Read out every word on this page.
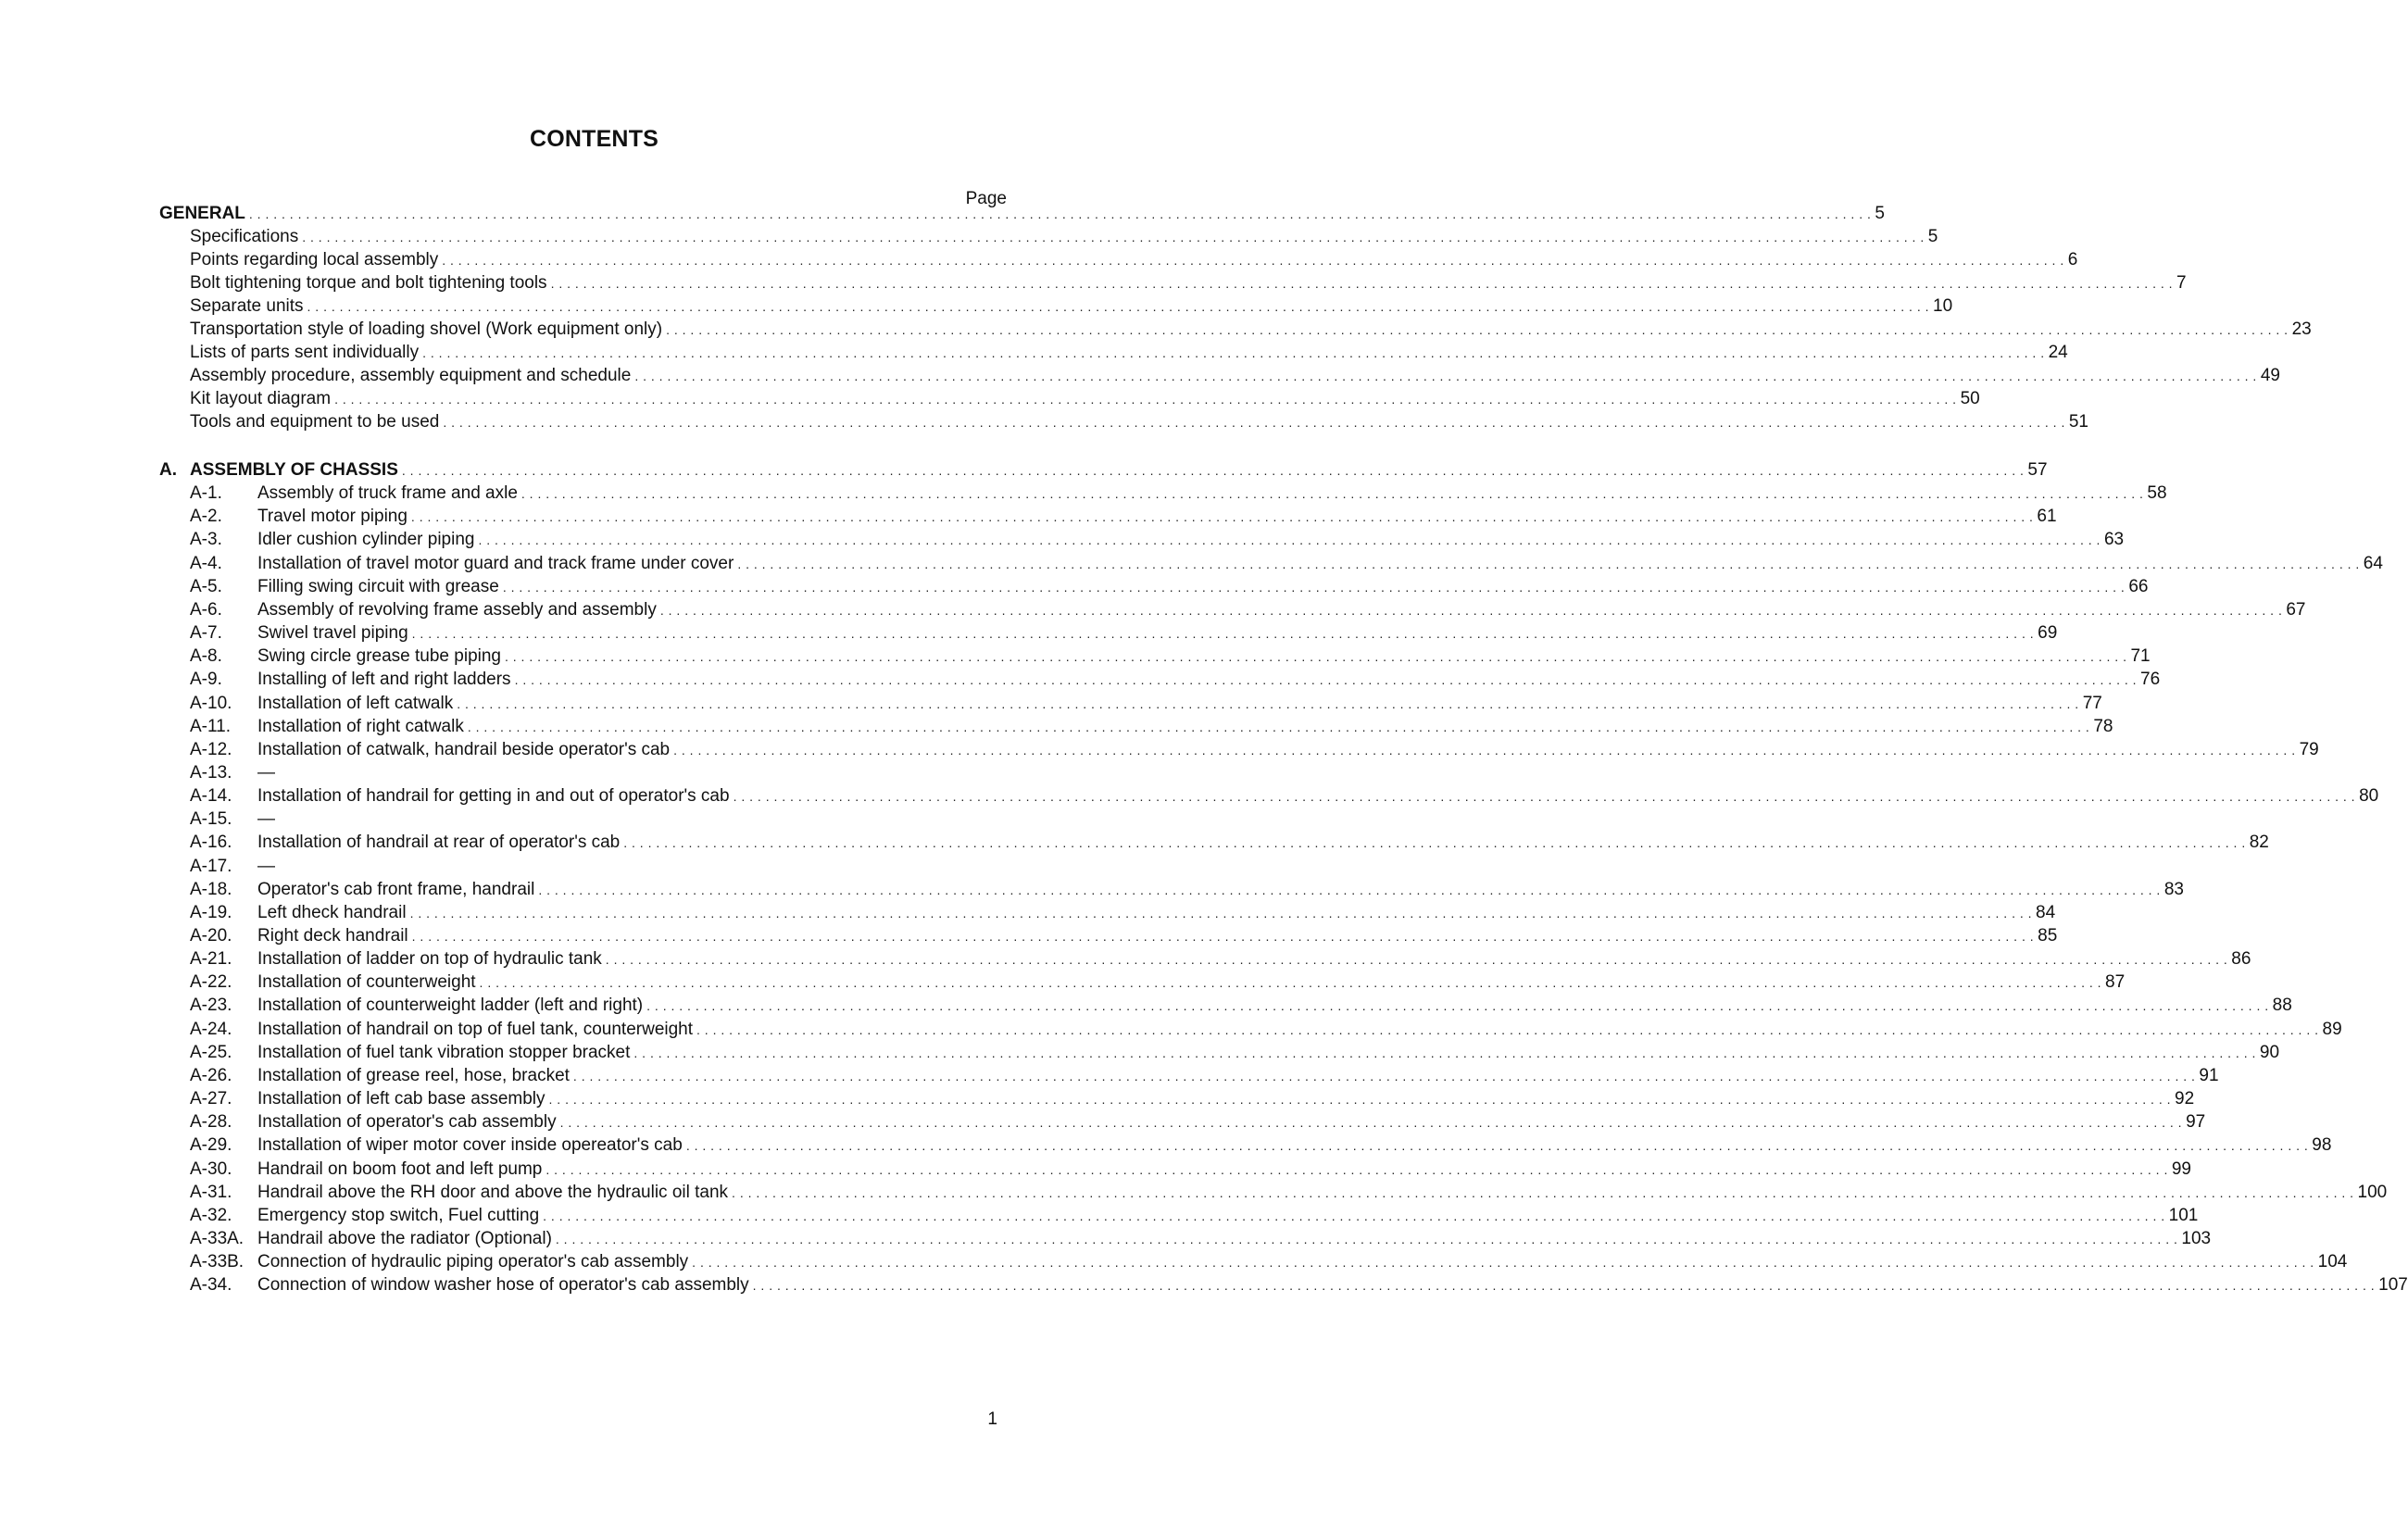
CONTENTS
Page
GENERAL . . . . . . . . . . . . . . . . . . . . . . . . . . . . . . . . . . . . . . . . . . . . . . . . . . . . . . . . . . . . . . . . . . . . . . . . . . . . . . . . . . . . . . . . . . . . . . . . . . . . . . . . . . . . . . . . . . . . . . . . . . . . . . . . . . . . . . . . . . . . . . . . . . . . . . . . . . . . . . . . . . . . . . . . . . . . . . . . . . . . . . . . . . . . . . . . . . . . . . . . 5
Specifications . . . . . . . . . . . . . . . . . . . . . . . . . . . . . . . . . . . . . . . . . . . . . . . . . . . . . . . . . . . . . . . . . . . . . . . . . . . . . . . . . . . . . . . . . . . . . . . . . . . . . . . . . . . . . . . . . . . . . . . . . . . . . . . . . . . . . . . . . . . . . . . . . . . . . . . . . . . . . . . . . . . . . . . . . . . . . . . . . . . . . . . . . . . . . . . . . . . . . . . . 5
Points regarding local assembly . . . . . . . . . . . . . . . . . . . . . . . . . . . . . . . . . . . . . . . . . . . . . . . . . . . . . . . . . . . . . . . . . . . . . . . . . . . . . . . . . . . . . . . . . . . . . . . . . . . . . . . . . . . . . . . . . . . . . . . . . . . . . . . . . . . . . . . . . . . . . . . . . . . . . . . . . . . . . . . . . . . . . . . . . . . . . . . . . . . . . . . . . . . . . . . . . . . . . . . . 6
Bolt tightening torque and bolt tightening tools . . . . . . . . . . . . . . . . . . . . . . . . . . . . . . . . . . . . . . . . . . . . . . . . . . . . . . . . . . . . . . . . . . . . . . . . . . . . . . . . . . . . . . . . . . . . . . . . . . . . . . . . . . . . . . . . . . . . . . . . . . . . . . . . . . . . . . . . . . . . . . . . . . . . . . . . . . . . . . . . . . . . . . . . . . . . . . . . . . . . . . . . . . . . . . . . . . . . . . . . 7
Separate units . . . . . . . . . . . . . . . . . . . . . . . . . . . . . . . . . . . . . . . . . . . . . . . . . . . . . . . . . . . . . . . . . . . . . . . . . . . . . . . . . . . . . . . . . . . . . . . . . . . . . . . . . . . . . . . . . . . . . . . . . . . . . . . . . . . . . . . . . . . . . . . . . . . . . . . . . . . . . . . . . . . . . . . . . . . . . . . . . . . . . . . . . . . . . . . . . . . . . . . . 10
Transportation style of loading shovel (Work equipment only) . . . . . . . . . . . . . . . . . . . . . . . . . . . . . . . . . . . . . . . . . . . . . . . . . . . . . . . . . . . . . . . . . . . . . . . . . . . . . . . . . . . . . . . . . . . . . . . . . . . . . . . . . . . . . . . . . . . . . . . . . . . . . . . . . . . . . . . . . . . . . . . . . . . . . . . . . . . . . . . . . . . . . . . . . . . . . . . . . . . . . . . . . . . . . . . . . . . . . . . . 23
Lists of parts sent individually . . . . . . . . . . . . . . . . . . . . . . . . . . . . . . . . . . . . . . . . . . . . . . . . . . . . . . . . . . . . . . . . . . . . . . . . . . . . . . . . . . . . . . . . . . . . . . . . . . . . . . . . . . . . . . . . . . . . . . . . . . . . . . . . . . . . . . . . . . . . . . . . . . . . . . . . . . . . . . . . . . . . . . . . . . . . . . . . . . . . . . . . . . . . . . . . . . . . . . . . 24
Assembly procedure, assembly equipment and schedule . . . . . . . . . . . . . . . . . . . . . . . . . . . . . . . . . . . . . . . . . . . . . . . . . . . . . . . . . . . . . . . . . . . . . . . . . . . . . . . . . . . . . . . . . . . . . . . . . . . . . . . . . . . . . . . . . . . . . . . . . . . . . . . . . . . . . . . . . . . . . . . . . . . . . . . . . . . . . . . . . . . . . . . . . . . . . . . . . . . . . . . . . . . . . . . . . . . . . . . . 49
Kit layout diagram . . . . . . . . . . . . . . . . . . . . . . . . . . . . . . . . . . . . . . . . . . . . . . . . . . . . . . . . . . . . . . . . . . . . . . . . . . . . . . . . . . . . . . . . . . . . . . . . . . . . . . . . . . . . . . . . . . . . . . . . . . . . . . . . . . . . . . . . . . . . . . . . . . . . . . . . . . . . . . . . . . . . . . . . . . . . . . . . . . . . . . . . . . . . . . . . . . . . . . . . 50
Tools and equipment to be used . . . . . . . . . . . . . . . . . . . . . . . . . . . . . . . . . . . . . . . . . . . . . . . . . . . . . . . . . . . . . . . . . . . . . . . . . . . . . . . . . . . . . . . . . . . . . . . . . . . . . . . . . . . . . . . . . . . . . . . . . . . . . . . . . . . . . . . . . . . . . . . . . . . . . . . . . . . . . . . . . . . . . . . . . . . . . . . . . . . . . . . . . . . . . . . . . . . . . . . . 51
A. ASSEMBLY OF CHASSIS . . . . . . . . . . . . . . . . . . . . . . . . . . . . . . . . . . . . . . . . . . . . . . . . . . . . . . . . . . . . . . . . . . . . . . . . . . . . . . . . . . . . . . . . . . . . . . . . . . . . . . . . . . . . . . . . . . . . . . . . . . . . . . . . . . . . . . . . . . . . . . . . . . . . . . . . . . . . . . . . . . . . . . . . . . . . . . . . . . . . . . . . . . . . . . . . . . . . . . . . 57
A-1. Assembly of truck frame and axle . . . . . . . . . . . . . . . . . . . . . . . . . . . . . . . . . . . . . . . . . . . . . . . . . . . . . . . . . . . . . . . . . . . . . . . . . . . . . . . . . . . . . . . . . . . . . . . . . . . . . . . . . . . . . . . . . . . . . . . . . . . . . . . . . . . . . . . . . . . . . . . . . . . . . . . . . . . . . . . . . . . . . . . . . . . . . . . . . . . . . . . . . . . . . . . . . . . . . . . . 58
A-2. Travel motor piping . . . . . . . . . . . . . . . . . . . . . . . . . . . . . . . . . . . . . . . . . . . . . . . . . . . . . . . . . . . . . . . . . . . . . . . . . . . . . . . . . . . . . . . . . . . . . . . . . . . . . . . . . . . . . . . . . . . . . . . . . . . . . . . . . . . . . . . . . . . . . . . . . . . . . . . . . . . . . . . . . . . . . . . . . . . . . . . . . . . . . . . . . . . . . . . . . . . . . . . . 61
A-3. Idler cushion cylinder piping . . . . . . . . . . . . . . . . . . . . . . . . . . . . . . . . . . . . . . . . . . . . . . . . . . . . . . . . . . . . . . . . . . . . . . . . . . . . . . . . . . . . . . . . . . . . . . . . . . . . . . . . . . . . . . . . . . . . . . . . . . . . . . . . . . . . . . . . . . . . . . . . . . . . . . . . . . . . . . . . . . . . . . . . . . . . . . . . . . . . . . . . . . . . . . . . . . . . . . . . 63
A-4. Installation of travel motor guard and track frame under cover . . . . . . . . . . . . . . . . . . . . . . . . . . . . . . . . . . . . . . . . . . . . . . . . . . . . . . . . . . . . . . . . . . . . . . . . . . . . . . . . . . . . . . . . . . . . . . . . . . . . . . . . . . . . . . . . . . . . . . . . . . . . . . . . . . . . . . . . . . . . . . . . . . . . . . . . . . . . . . . . . . . . . . . . . . . . . . . . . . . . . . . . . . . . . . . . . . . . . . . . 64
A-5. Filling swing circuit with grease . . . . . . . . . . . . . . . . . . . . . . . . . . . . . . . . . . . . . . . . . . . . . . . . . . . . . . . . . . . . . . . . . . . . . . . . . . . . . . . . . . . . . . . . . . . . . . . . . . . . . . . . . . . . . . . . . . . . . . . . . . . . . . . . . . . . . . . . . . . . . . . . . . . . . . . . . . . . . . . . . . . . . . . . . . . . . . . . . . . . . . . . . . . . . . . . . . . . . . . . 66
A-6. Assembly of revolving frame assebly and assembly . . . . . . . . . . . . . . . . . . . . . . . . . . . . . . . . . . . . . . . . . . . . . . . . . . . . . . . . . . . . . . . . . . . . . . . . . . . . . . . . . . . . . . . . . . . . . . . . . . . . . . . . . . . . . . . . . . . . . . . . . . . . . . . . . . . . . . . . . . . . . . . . . . . . . . . . . . . . . . . . . . . . . . . . . . . . . . . . . . . . . . . . . . . . . . . . . . . . . . . . 67
A-7. Swivel travel piping . . . . . . . . . . . . . . . . . . . . . . . . . . . . . . . . . . . . . . . . . . . . . . . . . . . . . . . . . . . . . . . . . . . . . . . . . . . . . . . . . . . . . . . . . . . . . . . . . . . . . . . . . . . . . . . . . . . . . . . . . . . . . . . . . . . . . . . . . . . . . . . . . . . . . . . . . . . . . . . . . . . . . . . . . . . . . . . . . . . . . . . . . . . . . . . . . . . . . . . . 69
A-8. Swing circle grease tube piping . . . . . . . . . . . . . . . . . . . . . . . . . . . . . . . . . . . . . . . . . . . . . . . . . . . . . . . . . . . . . . . . . . . . . . . . . . . . . . . . . . . . . . . . . . . . . . . . . . . . . . . . . . . . . . . . . . . . . . . . . . . . . . . . . . . . . . . . . . . . . . . . . . . . . . . . . . . . . . . . . . . . . . . . . . . . . . . . . . . . . . . . . . . . . . . . . . . . . . . . 71
A-9. Installing of left and right ladders . . . . . . . . . . . . . . . . . . . . . . . . . . . . . . . . . . . . . . . . . . . . . . . . . . . . . . . . . . . . . . . . . . . . . . . . . . . . . . . . . . . . . . . . . . . . . . . . . . . . . . . . . . . . . . . . . . . . . . . . . . . . . . . . . . . . . . . . . . . . . . . . . . . . . . . . . . . . . . . . . . . . . . . . . . . . . . . . . . . . . . . . . . . . . . . . . . . . . . . . 76
A-10. Installation of left catwalk . . . . . . . . . . . . . . . . . . . . . . . . . . . . . . . . . . . . . . . . . . . . . . . . . . . . . . . . . . . . . . . . . . . . . . . . . . . . . . . . . . . . . . . . . . . . . . . . . . . . . . . . . . . . . . . . . . . . . . . . . . . . . . . . . . . . . . . . . . . . . . . . . . . . . . . . . . . . . . . . . . . . . . . . . . . . . . . . . . . . . . . . . . . . . . . . . . . . . . . . 77
A-11. Installation of right catwalk . . . . . . . . . . . . . . . . . . . . . . . . . . . . . . . . . . . . . . . . . . . . . . . . . . . . . . . . . . . . . . . . . . . . . . . . . . . . . . . . . . . . . . . . . . . . . . . . . . . . . . . . . . . . . . . . . . . . . . . . . . . . . . . . . . . . . . . . . . . . . . . . . . . . . . . . . . . . . . . . . . . . . . . . . . . . . . . . . . . . . . . . . . . . . . . . . . . . . . . . 78
A-12. Installation of catwalk, handrail beside operator's cab . . . . . . . . . . . . . . . . . . . . . . . . . . . . . . . . . . . . . . . . . . . . . . . . . . . . . . . . . . . . . . . . . . . . . . . . . . . . . . . . . . . . . . . . . . . . . . . . . . . . . . . . . . . . . . . . . . . . . . . . . . . . . . . . . . . . . . . . . . . . . . . . . . . . . . . . . . . . . . . . . . . . . . . . . . . . . . . . . . . . . . . . . . . . . . . . . . . . . . . . 79
A-13. —
A-14. Installation of handrail for getting in and out of operator's cab . . . . . . . . . . . . . . . . . . . . . . . . . . . . . . . . . . . . . . . . . . . . . . . . . . . . . . . . . . . . . . . . . . . . . . . . . . . . . . . . . . . . . . . . . . . . . . . . . . . . . . . . . . . . . . . . . . . . . . . . . . . . . . . . . . . . . . . . . . . . . . . . . . . . . . . . . . . . . . . . . . . . . . . . . . . . . . . . . . . . . . . . . . . . . . . . . . . . . . . . 80
A-15. —
A-16. Installation of handrail at rear of operator's cab . . . . . . . . . . . . . . . . . . . . . . . . . . . . . . . . . . . . . . . . . . . . . . . . . . . . . . . . . . . . . . . . . . . . . . . . . . . . . . . . . . . . . . . . . . . . . . . . . . . . . . . . . . . . . . . . . . . . . . . . . . . . . . . . . . . . . . . . . . . . . . . . . . . . . . . . . . . . . . . . . . . . . . . . . . . . . . . . . . . . . . . . . . . . . . . . . . . . . . . . 82
A-17. —
A-18. Operator's cab front frame, handrail . . . . . . . . . . . . . . . . . . . . . . . . . . . . . . . . . . . . . . . . . . . . . . . . . . . . . . . . . . . . . . . . . . . . . . . . . . . . . . . . . . . . . . . . . . . . . . . . . . . . . . . . . . . . . . . . . . . . . . . . . . . . . . . . . . . . . . . . . . . . . . . . . . . . . . . . . . . . . . . . . . . . . . . . . . . . . . . . . . . . . . . . . . . . . . . . . . . . . . . . 83
A-19. Left dheck handrail . . . . . . . . . . . . . . . . . . . . . . . . . . . . . . . . . . . . . . . . . . . . . . . . . . . . . . . . . . . . . . . . . . . . . . . . . . . . . . . . . . . . . . . . . . . . . . . . . . . . . . . . . . . . . . . . . . . . . . . . . . . . . . . . . . . . . . . . . . . . . . . . . . . . . . . . . . . . . . . . . . . . . . . . . . . . . . . . . . . . . . . . . . . . . . . . . . . . . . . . 84
A-20. Right deck handrail . . . . . . . . . . . . . . . . . . . . . . . . . . . . . . . . . . . . . . . . . . . . . . . . . . . . . . . . . . . . . . . . . . . . . . . . . . . . . . . . . . . . . . . . . . . . . . . . . . . . . . . . . . . . . . . . . . . . . . . . . . . . . . . . . . . . . . . . . . . . . . . . . . . . . . . . . . . . . . . . . . . . . . . . . . . . . . . . . . . . . . . . . . . . . . . . . . . . . . . . 85
A-21. Installation of ladder on top of hydraulic tank . . . . . . . . . . . . . . . . . . . . . . . . . . . . . . . . . . . . . . . . . . . . . . . . . . . . . . . . . . . . . . . . . . . . . . . . . . . . . . . . . . . . . . . . . . . . . . . . . . . . . . . . . . . . . . . . . . . . . . . . . . . . . . . . . . . . . . . . . . . . . . . . . . . . . . . . . . . . . . . . . . . . . . . . . . . . . . . . . . . . . . . . . . . . . . . . . . . . . . . . 86
A-22. Installation of counterweight . . . . . . . . . . . . . . . . . . . . . . . . . . . . . . . . . . . . . . . . . . . . . . . . . . . . . . . . . . . . . . . . . . . . . . . . . . . . . . . . . . . . . . . . . . . . . . . . . . . . . . . . . . . . . . . . . . . . . . . . . . . . . . . . . . . . . . . . . . . . . . . . . . . . . . . . . . . . . . . . . . . . . . . . . . . . . . . . . . . . . . . . . . . . . . . . . . . . . . . . 87
A-23. Installation of counterweight ladder (left and right) . . . . . . . . . . . . . . . . . . . . . . . . . . . . . . . . . . . . . . . . . . . . . . . . . . . . . . . . . . . . . . . . . . . . . . . . . . . . . . . . . . . . . . . . . . . . . . . . . . . . . . . . . . . . . . . . . . . . . . . . . . . . . . . . . . . . . . . . . . . . . . . . . . . . . . . . . . . . . . . . . . . . . . . . . . . . . . . . . . . . . . . . . . . . . . . . . . . . . . . . 88
A-24. Installation of handrail on top of fuel tank, counterweight . . . . . . . . . . . . . . . . . . . . . . . . . . . . . . . . . . . . . . . . . . . . . . . . . . . . . . . . . . . . . . . . . . . . . . . . . . . . . . . . . . . . . . . . . . . . . . . . . . . . . . . . . . . . . . . . . . . . . . . . . . . . . . . . . . . . . . . . . . . . . . . . . . . . . . . . . . . . . . . . . . . . . . . . . . . . . . . . . . . . . . . . . . . . . . . . . . . . . . . . 89
A-25. Installation of fuel tank vibration stopper bracket . . . . . . . . . . . . . . . . . . . . . . . . . . . . . . . . . . . . . . . . . . . . . . . . . . . . . . . . . . . . . . . . . . . . . . . . . . . . . . . . . . . . . . . . . . . . . . . . . . . . . . . . . . . . . . . . . . . . . . . . . . . . . . . . . . . . . . . . . . . . . . . . . . . . . . . . . . . . . . . . . . . . . . . . . . . . . . . . . . . . . . . . . . . . . . . . . . . . . . . . 90
A-26. Installation of grease reel, hose, bracket . . . . . . . . . . . . . . . . . . . . . . . . . . . . . . . . . . . . . . . . . . . . . . . . . . . . . . . . . . . . . . . . . . . . . . . . . . . . . . . . . . . . . . . . . . . . . . . . . . . . . . . . . . . . . . . . . . . . . . . . . . . . . . . . . . . . . . . . . . . . . . . . . . . . . . . . . . . . . . . . . . . . . . . . . . . . . . . . . . . . . . . . . . . . . . . . . . . . . . . . 91
A-27. Installation of left cab base assembly . . . . . . . . . . . . . . . . . . . . . . . . . . . . . . . . . . . . . . . . . . . . . . . . . . . . . . . . . . . . . . . . . . . . . . . . . . . . . . . . . . . . . . . . . . . . . . . . . . . . . . . . . . . . . . . . . . . . . . . . . . . . . . . . . . . . . . . . . . . . . . . . . . . . . . . . . . . . . . . . . . . . . . . . . . . . . . . . . . . . . . . . . . . . . . . . . . . . . . . . 92
A-28. Installation of operator's cab assembly . . . . . . . . . . . . . . . . . . . . . . . . . . . . . . . . . . . . . . . . . . . . . . . . . . . . . . . . . . . . . . . . . . . . . . . . . . . . . . . . . . . . . . . . . . . . . . . . . . . . . . . . . . . . . . . . . . . . . . . . . . . . . . . . . . . . . . . . . . . . . . . . . . . . . . . . . . . . . . . . . . . . . . . . . . . . . . . . . . . . . . . . . . . . . . . . . . . . . . . . 97
A-29. Installation of wiper motor cover inside opereator's cab . . . . . . . . . . . . . . . . . . . . . . . . . . . . . . . . . . . . . . . . . . . . . . . . . . . . . . . . . . . . . . . . . . . . . . . . . . . . . . . . . . . . . . . . . . . . . . . . . . . . . . . . . . . . . . . . . . . . . . . . . . . . . . . . . . . . . . . . . . . . . . . . . . . . . . . . . . . . . . . . . . . . . . . . . . . . . . . . . . . . . . . . . . . . . . . . . . . . . . . . 98
A-30. Handrail on boom foot and left pump . . . . . . . . . . . . . . . . . . . . . . . . . . . . . . . . . . . . . . . . . . . . . . . . . . . . . . . . . . . . . . . . . . . . . . . . . . . . . . . . . . . . . . . . . . . . . . . . . . . . . . . . . . . . . . . . . . . . . . . . . . . . . . . . . . . . . . . . . . . . . . . . . . . . . . . . . . . . . . . . . . . . . . . . . . . . . . . . . . . . . . . . . . . . . . . . . . . . . . . . 99
A-31. Handrail above the RH door and above the hydraulic oil tank . . . . . . . . . . . . . . . . . . . . . . . . . . . . . . . . . . . . . . . . . . . . . . . . . . . . . . . . . . . . . . . . . . . . . . . . . . . . . . . . . . . . . . . . . . . . . . . . . . . . . . . . . . . . . . . . . . . . . . . . . . . . . . . . . . . . . . . . . . . . . . . . . . . . . . . . . . . . . . . . . . . . . . . . . . . . . . . . . . . . . . . . . . . . . . . . . . . . . . . . 100
A-32. Emergency stop switch, Fuel cutting . . . . . . . . . . . . . . . . . . . . . . . . . . . . . . . . . . . . . . . . . . . . . . . . . . . . . . . . . . . . . . . . . . . . . . . . . . . . . . . . . . . . . . . . . . . . . . . . . . . . . . . . . . . . . . . . . . . . . . . . . . . . . . . . . . . . . . . . . . . . . . . . . . . . . . . . . . . . . . . . . . . . . . . . . . . . . . . . . . . . . . . . . . . . . . . . . . . . . . . . 101
A-33A. Handrail above the radiator (Optional) . . . . . . . . . . . . . . . . . . . . . . . . . . . . . . . . . . . . . . . . . . . . . . . . . . . . . . . . . . . . . . . . . . . . . . . . . . . . . . . . . . . . . . . . . . . . . . . . . . . . . . . . . . . . . . . . . . . . . . . . . . . . . . . . . . . . . . . . . . . . . . . . . . . . . . . . . . . . . . . . . . . . . . . . . . . . . . . . . . . . . . . . . . . . . . . . . . . . . . . . 103
A-33B. Connection of hydraulic piping operator's cab assembly . . . . . . . . . . . . . . . . . . . . . . . . . . . . . . . . . . . . . . . . . . . . . . . . . . . . . . . . . . . . . . . . . . . . . . . . . . . . . . . . . . . . . . . . . . . . . . . . . . . . . . . . . . . . . . . . . . . . . . . . . . . . . . . . . . . . . . . . . . . . . . . . . . . . . . . . . . . . . . . . . . . . . . . . . . . . . . . . . . . . . . . . . . . . . . . . . . . . . . . . 104
A-34. Connection of window washer hose of operator's cab assembly . . . . . . . . . . . . . . . . . . . . . . . . . . . . . . . . . . . . . . . . . . . . . . . . . . . . . . . . . . . . . . . . . . . . . . . . . . . . . . . . . . . . . . . . . . . . . . . . . . . . . . . . . . . . . . . . . . . . . . . . . . . . . . . . . . . . . . . . . . . . . . . . . . . . . . . . . . . . . . . . . . . . . . . . . . . . . . . . . . . . . . . . . . . . . . . . . . . . . . . . 107
1
